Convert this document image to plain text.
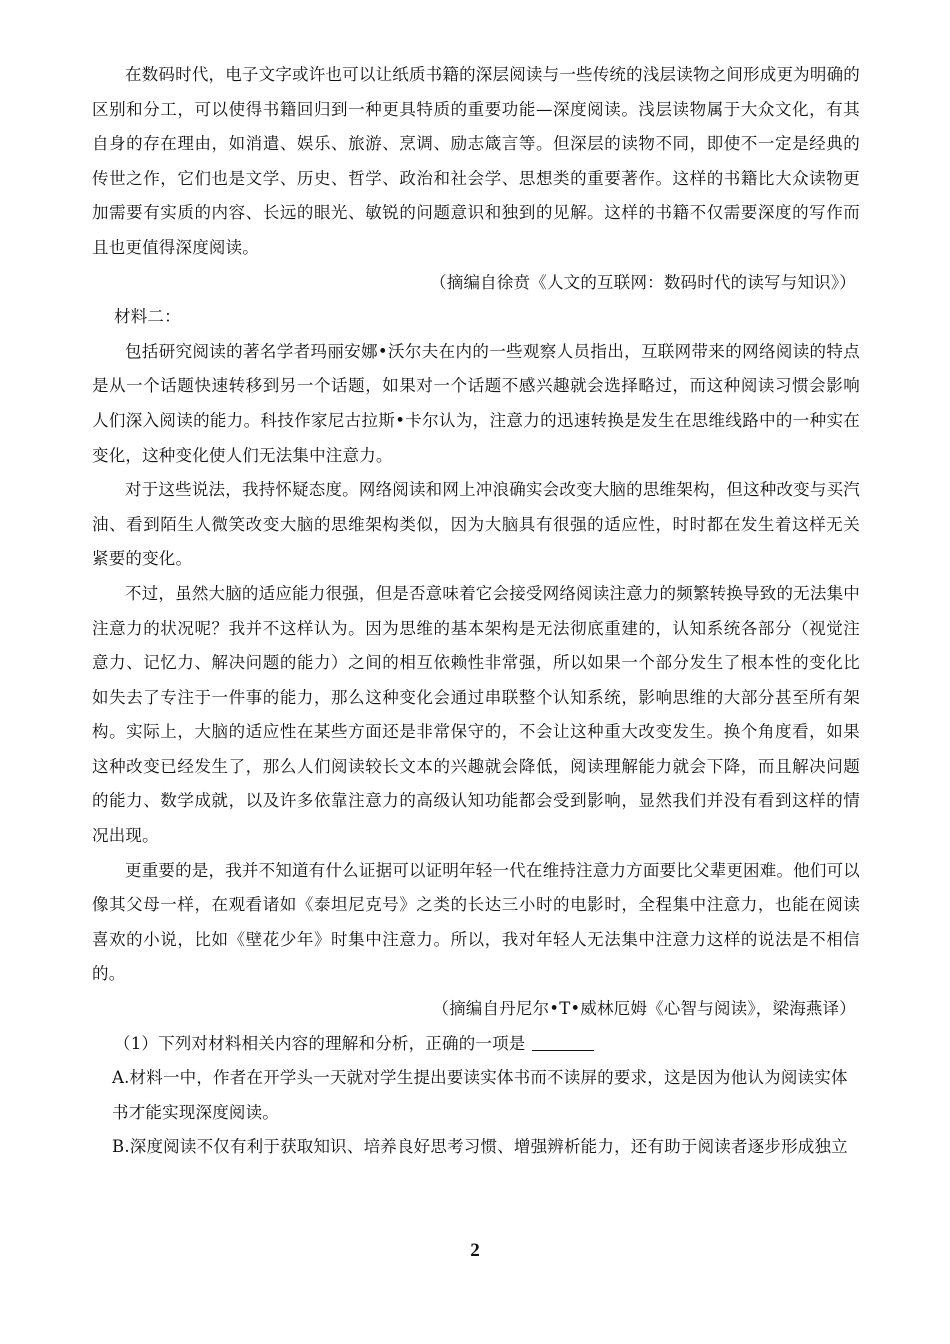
在数码时代，电子文字或许也可以让纸质书籍的深层阅读与一些传统的浅层读物之间形成更为明确的区别和分工，可以使得书籍回归到一种更具特质的重要功能—深度阅读。浅层读物属于大众文化，有其自身的存在理由，如消遣、娱乐、旅游、烹调、励志箴言等。但深层的读物不同，即使不一定是经典的传世之作，它们也是文学、历史、哲学、政治和社会学、思想类的重要著作。这样的书籍比大众读物更加需要有实质的内容、长远的眼光、敏锐的问题意识和独到的见解。这样的书籍不仅需要深度的写作而且也更值得深度阅读。

（摘编自徐贲《人文的互联网：数码时代的读写与知识》）

材料二：

包括研究阅读的著名学者玛丽安娜•沃尔夫在内的一些观察人员指出，互联网带来的网络阅读的特点是从一个话题快速转移到另一个话题，如果对一个话题不感兴趣就会选择略过，而这种阅读习惯会影响人们深入阅读的能力。科技作家尼古拉斯•卡尔认为，注意力的迅速转换是发生在思维线路中的一种实在变化，这种变化使人们无法集中注意力。

对于这些说法，我持怀疑态度。网络阅读和网上冲浪确实会改变大脑的思维架构，但这种改变与买汽油、看到陌生人微笑改变大脑的思维架构类似，因为大脑具有很强的适应性，时时都在发生着这样无关紧要的变化。

不过，虽然大脑的适应能力很强，但是否意味着它会接受网络阅读注意力的频繁转换导致的无法集中注意力的状况呢？我并不这样认为。因为思维的基本架构是无法彻底重建的，认知系统各部分（视觉注意力、记忆力、解决问题的能力）之间的相互依赖性非常强，所以如果一个部分发生了根本性的变化比如失去了专注于一件事的能力，那么这种变化会通过串联整个认知系统，影响思维的大部分甚至所有架构。实际上，大脑的适应性在某些方面还是非常保守的，不会让这种重大改变发生。换个角度看，如果这种改变已经发生了，那么人们阅读较长文本的兴趣就会降低，阅读理解能力就会下降，而且解决问题的能力、数学成就，以及许多依靠注意力的高级认知功能都会受到影响，显然我们并没有看到这样的情况出现。

更重要的是，我并不知道有什么证据可以证明年轻一代在维持注意力方面要比父辈更困难。他们可以像其父母一样，在观看诸如《泰坦尼克号》之类的长达三小时的电影时，全程集中注意力，也能在阅读喜欢的小说，比如《壁花少年》时集中注意力。所以，我对年轻人无法集中注意力这样的说法是不相信的。

（摘编自丹尼尔•T•威林厄姆《心智与阅读》，梁海燕译）

（1）下列对材料相关内容的理解和分析，正确的一项是

A.材料一中，作者在开学头一天就对学生提出要读实体书而不读屏的要求，这是因为他认为阅读实体

书才能实现深度阅读。

B.深度阅读不仅有利于获取知识、培养良好思考习惯、增强辨析能力，还有助于阅读者逐步形成独立

2
